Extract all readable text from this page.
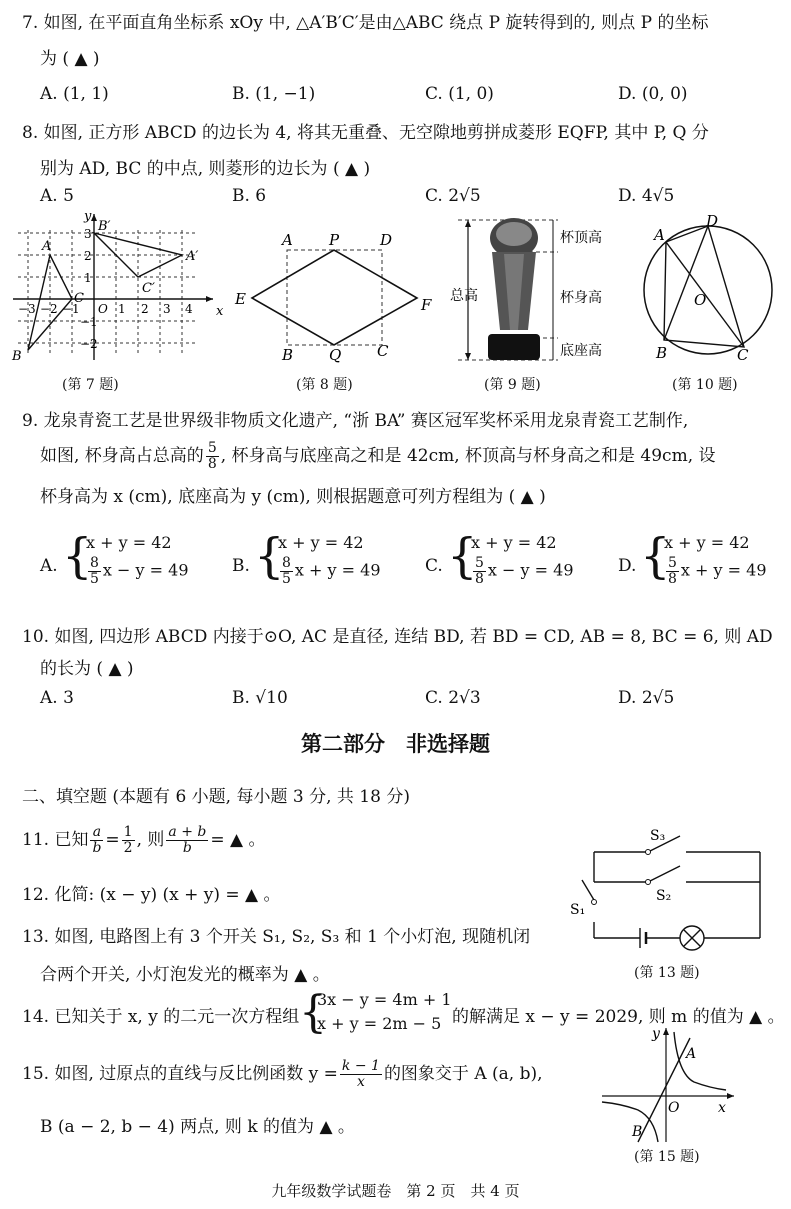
7. 如图, 在平面直角坐标系 xOy 中, △A′B′C′是由△ABC 绕点 P 旋转得到的, 则点 P 的坐标
为 ( ▲ )
A. (1, 1)	B. (1, −1)	C. (1, 0)	D. (0, 0)
8. 如图, 正方形 ABCD 的边长为 4, 将其无重叠、无空隙地剪拼成菱形 EQFP, 其中 P, Q 分
别为 AD, BC 的中点, 则菱形的边长为 ( ▲ )
A. 5	B. 6	C. 2√5	D. 4√5
x
y
A
B
C
B′
A′
C′
−3 −2 −1 O 1 2 3 4
3
2
1
−1
−2
(第 7 题)
A P	D
E	F
B Q C
(第 8 题)
杯顶高
总高	杯身高
底座高
(第 9 题)
A
D
O
B	C
(第 10 题)
9. 龙泉青瓷工艺是世界级非物质文化遗产, “浙 BA” 赛区冠军奖杯采用龙泉青瓷工艺制作,
如图, 杯身高占总高的 $\frac{5}{8}$ , 杯身高与底座高之和是 42cm, 杯顶高与杯身高之和是 49cm, 设
杯身高为 x (cm), 底座高为 y (cm), 则根据题意可列方程组为 ( ▲ )
A. {
x + y = 42
$\frac{8}{5}$ x − y = 49	B. {
x + y = 42
$\frac{8}{5}$ x + y = 49	C. {
x + y = 42
$\frac{5}{8}$ x − y = 49	D. {
x + y = 42
$\frac{5}{8}$ x + y = 49
10. 如图, 四边形 ABCD 内接于⊙O, AC 是直径, 连结 BD, 若 BD = CD, AB = 8, BC = 6, 则 AD
的长为 ( ▲ )
A. 3	B. √10	C. 2√3	D. 2√5
第二部分　非选择题
二、填空题 (本题有 6 小题, 每小题 3 分, 共 18 分)
11. 已知 $\frac{a}{b} = \frac{1}{2}$ , 则 $\frac{a + b}{b}$ = ▲ 。
12. 化简: (x − y) (x + y) = ▲ 。
13. 如图, 电路图上有 3 个开关 S₁, S₂, S₃ 和 1 个小灯泡, 现随机闭
合两个开关, 小灯泡发光的概率为 ▲ 。
S₃
S₂
S₁
(第 13 题)
14. 已知关于 x, y 的二元一次方程组 {
3x − y = 4m + 1
x + y = 2m − 5 的解满足 x − y = 2029, 则 m 的值为 ▲ 。
15. 如图, 过原点的直线与反比例函数 $y = \frac{k - 1}{x}$ 的图象交于 A (a, b),
B (a − 2, b − 4) 两点, 则 k 的值为 ▲ 。
y
A
O	x
B
(第 15 题)
九年级数学试题卷　第 2 页　共 4 页
